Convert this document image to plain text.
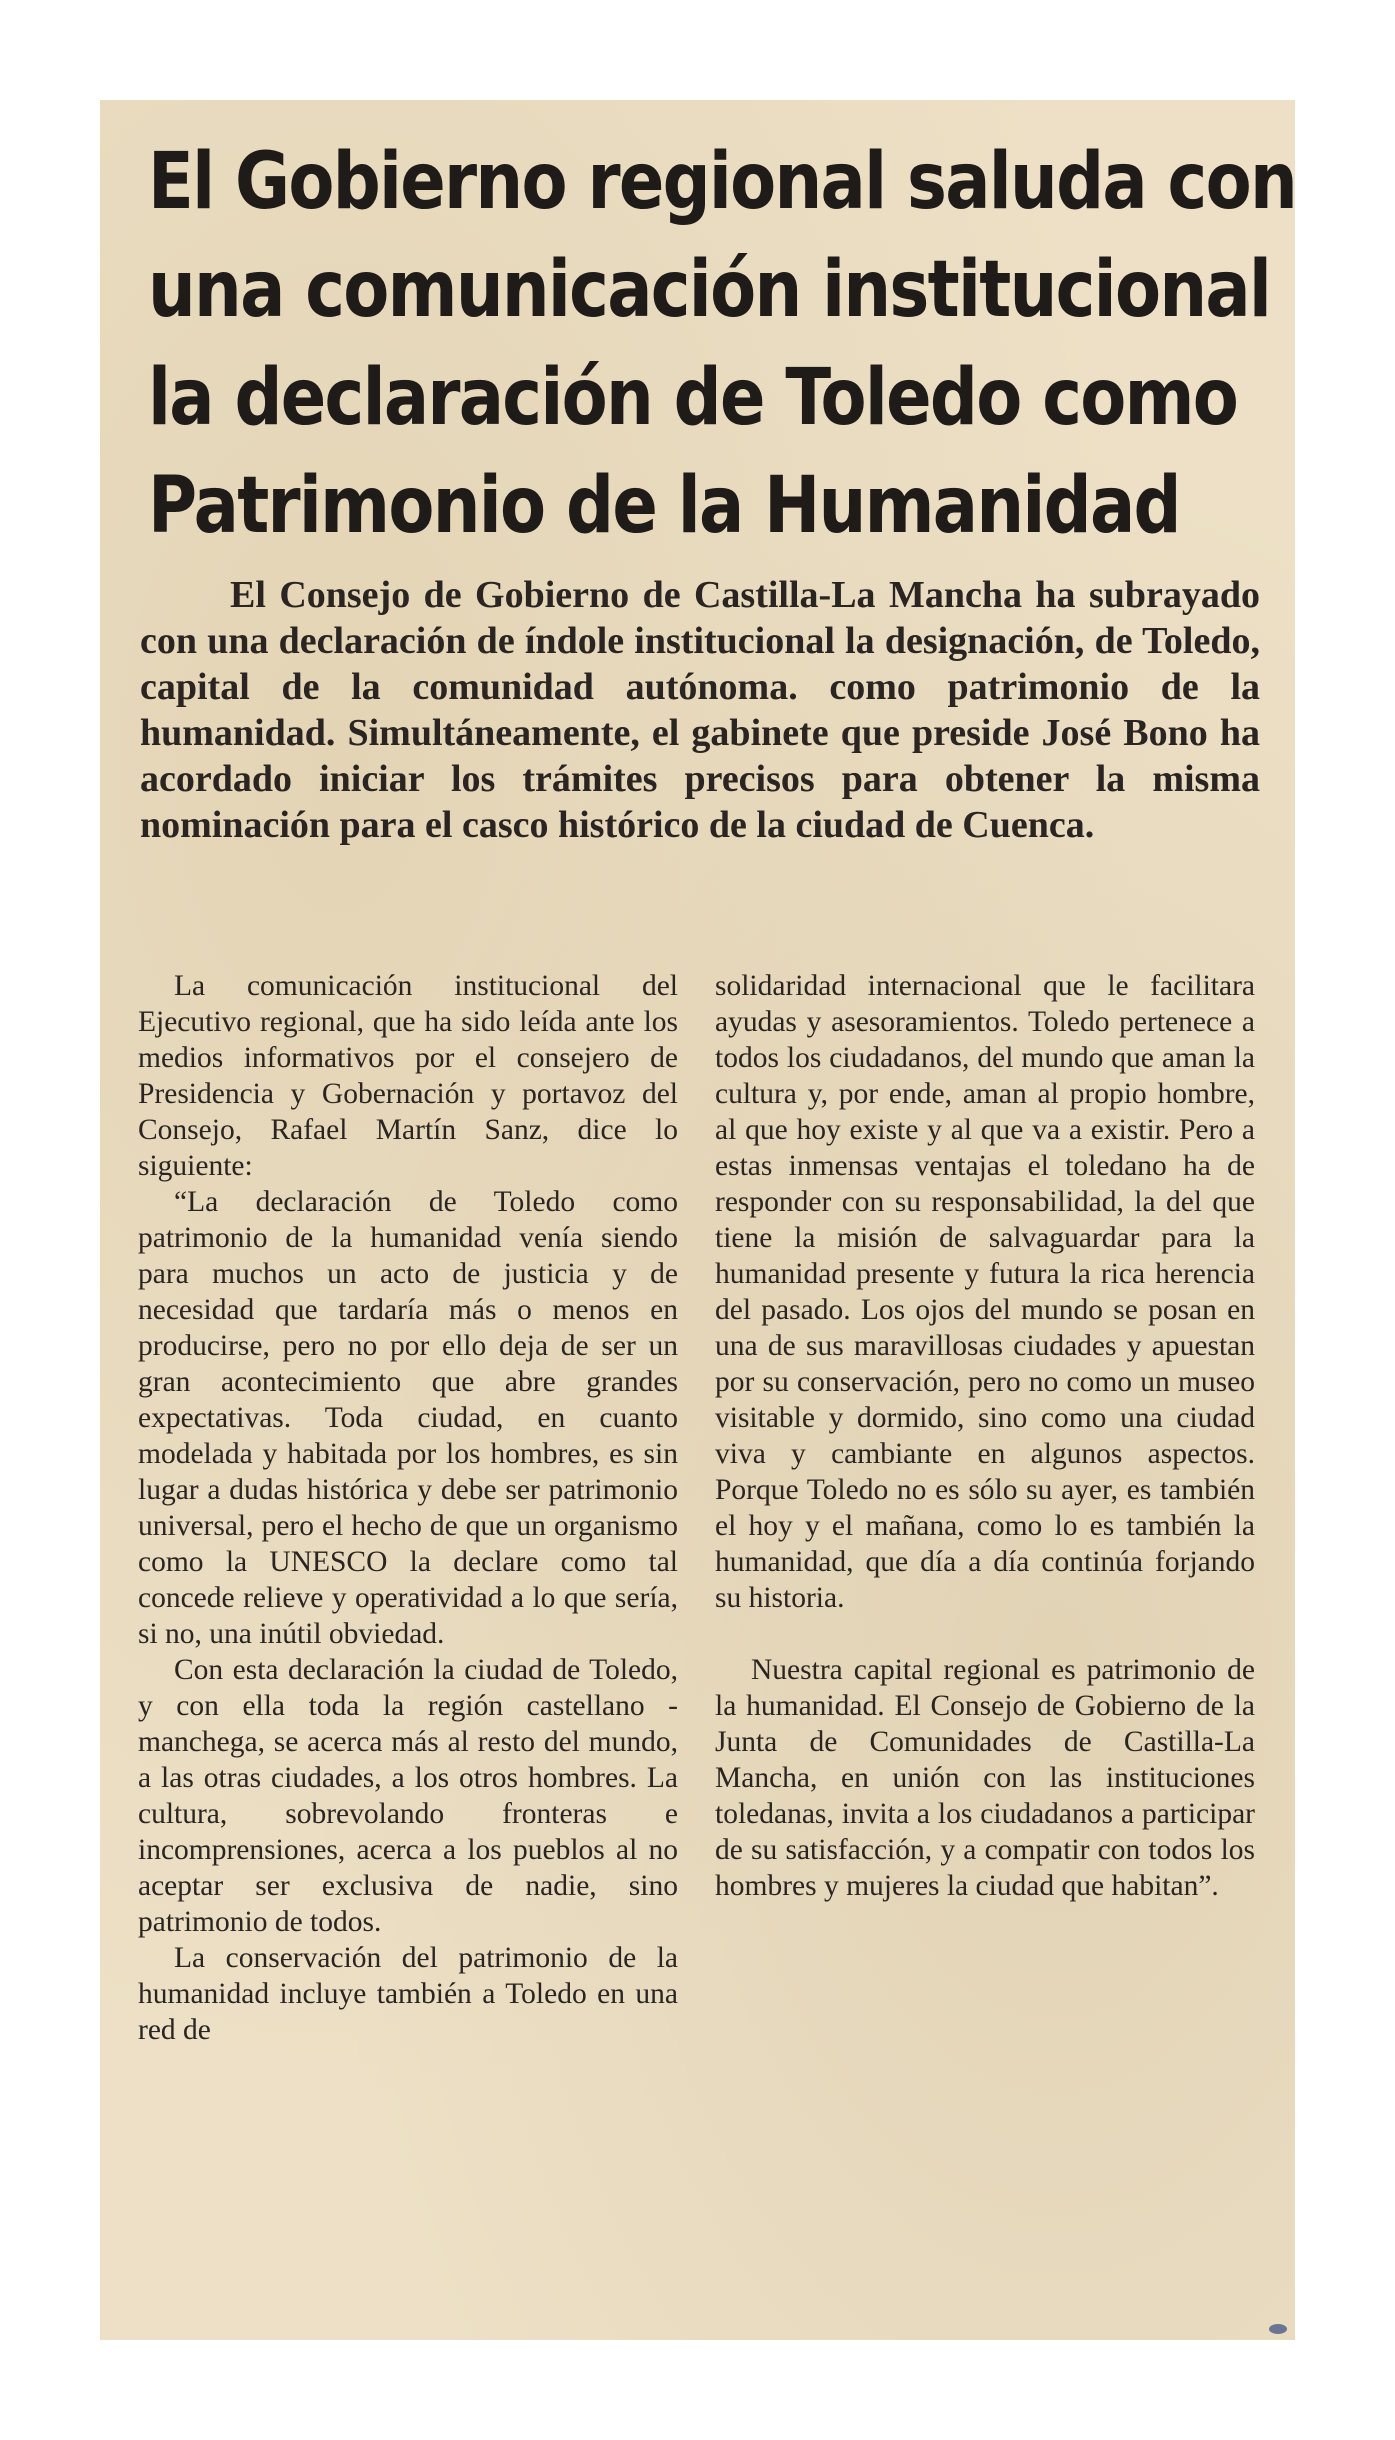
El Gobierno regional saluda con
una comunicación institucional
la declaración de Toledo como
Patrimonio de la Humanidad

El Consejo de Gobierno de Castilla-La Mancha ha subrayado con una declaración de índole institucional la designación, de Toledo, capital de la comunidad autónoma. como patrimonio de la humanidad. Simultáneamente, el gabinete que preside José Bono ha acordado iniciar los trámites precisos para obtener la misma nominación para el casco histórico de la ciudad de Cuenca.

La comunicación institucional del Ejecutivo regional, que ha sido leída ante los medios informativos por el consejero de Presidencia y Gobernación y portavoz del Consejo, Rafael Martín Sanz, dice lo siguiente:

“La declaración de Toledo como patrimonio de la humanidad venía siendo para muchos un acto de justicia y de necesidad que tardaría más o menos en producirse, pero no por ello deja de ser un gran acontecimiento que abre grandes expectativas. Toda ciudad, en cuanto modelada y habitada por los hombres, es sin lugar a dudas histórica y debe ser patrimonio universal, pero el hecho de que un organismo como la UNESCO la declare como tal concede relieve y operatividad a lo que sería, si no, una inútil obviedad.

Con esta declaración la ciudad de Toledo, y con ella toda la región castellano - manchega, se acerca más al resto del mundo, a las otras ciudades, a los otros hombres. La cultura, sobrevolando fronteras e incomprensiones, acerca a los pueblos al no aceptar ser exclusiva de nadie, sino patrimonio de todos.

La conservación del patrimonio de la humanidad incluye también a Toledo en una red de

solidaridad internacional que le facilitara ayudas y asesoramientos. Toledo pertenece a todos los ciudadanos, del mundo que aman la cultura y, por ende, aman al propio hombre, al que hoy existe y al que va a existir. Pero a estas inmensas ventajas el toledano ha de responder con su responsabilidad, la del que tiene la misión de salvaguardar para la humanidad presente y futura la rica herencia del pasado. Los ojos del mundo se posan en una de sus maravillosas ciudades y apuestan por su conservación, pero no como un museo visitable y dormido, sino como una ciudad viva y cambiante en algunos aspectos. Porque Toledo no es sólo su ayer, es también el hoy y el mañana, como lo es también la humanidad, que día a día continúa forjando su historia.

Nuestra capital regional es patrimonio de la humanidad. El Consejo de Gobierno de la Junta de Comunidades de Castilla-La Mancha, en unión con las instituciones toledanas, invita a los ciudadanos a participar de su satisfacción, y a compatir con todos los hombres y mujeres la ciudad que habitan”.
